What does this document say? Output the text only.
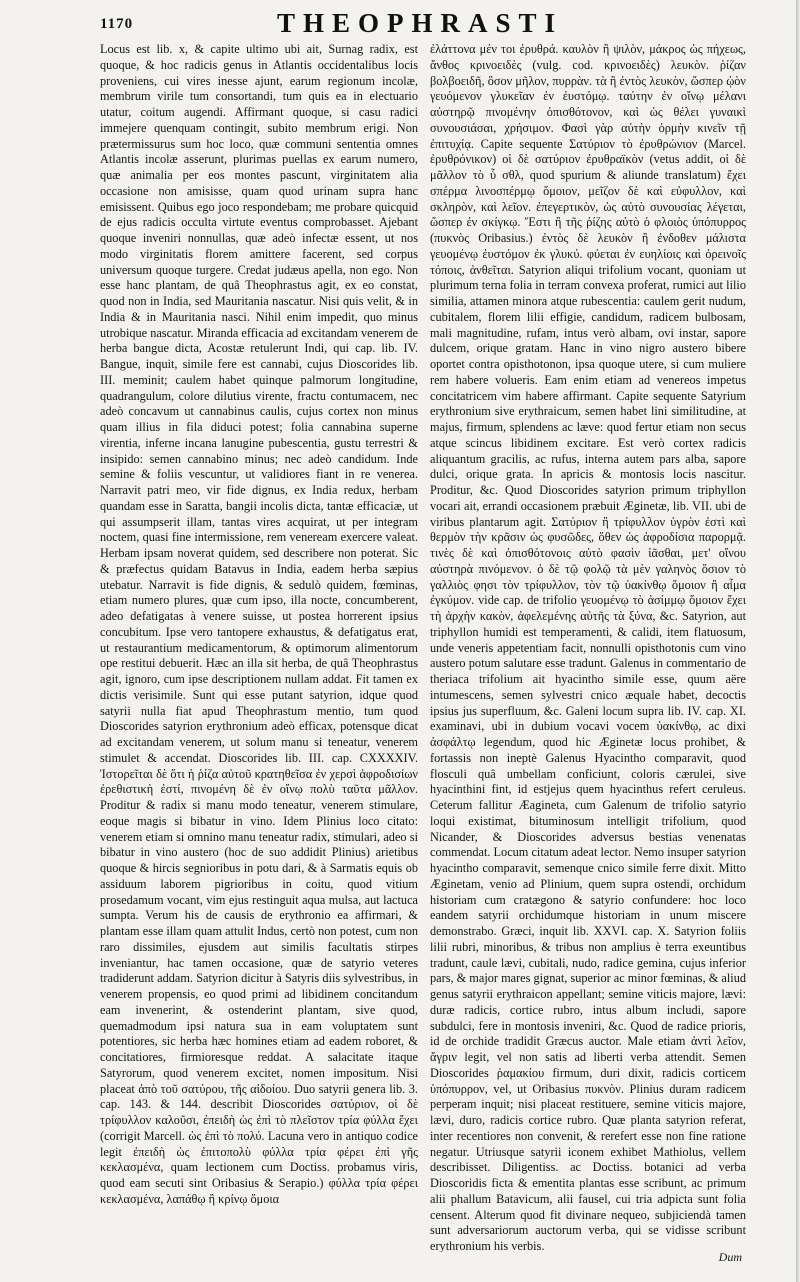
1170	THEOPHRASTI

Locus est lib. x, & capite ultimo ubi ait, Surnag radix, est quoque, & hoc radicis genus in Atlantis occidentalibus locis proveniens, cui vires inesse ajunt, earum regionum incolæ, membrum virile tum consortandi, tum quis ea in electuario utatur, coitum augendi. Affirmant quoque, si casu radici immejere quenquam contingit, subito membrum erigi. Non prætermissurus sum hoc loco, quæ communi sententia omnes Atlantis incolæ asserunt, plurimas puellas ex earum numero, quæ animalia per eos montes pascunt, virginitatem alia occasione non amisisse, quam quod urinam supra hanc emisissent. Quibus ego joco respondebam; me probare quicquid de ejus radicis occulta virtute eventus comprobasset. Ajebant quoque inveniri nonnullas, quæ adeò infectæ essent, ut nos modo virginitatis florem amittere facerent, sed corpus universum quoque turgere. Credat judæus apella, non ego. Non esse hanc plantam, de quâ Theophrastus agit, ex eo constat, quod non in India, sed Mauritania nascatur. Nisi quis velit, & in India & in Mauritania nasci. Nihil enim impedit, quo minus utrobique nascatur. Miranda efficacia ad excitandam venerem de herba bangue dicta, Acostæ retulerunt Indi, qui cap. lib. IV. Bangue, inquit, simile fere est cannabi, cujus Dioscorides lib. III. meminit; caulem habet quinque palmorum longitudine, quadrangulum, colore dilutius virente, fractu contumacem, nec adeò concavum ut cannabinus caulis, cujus cortex non minus quam illius in fila diduci potest; folia cannabina superne virentia, inferne incana lanugine pubescentia, gustu terrestri & insipido: semen cannabino minus; nec adeò candidum. Inde semine & foliis vescuntur, ut validiores fiant in re venerea. Narravit patri meo, vir fide dignus, ex India redux, herbam quandam esse in Saratta, bangii incolis dicta, tantæ efficaciæ, ut qui assumpserit illam, tantas vires acquirat, ut per integram noctem, quasi fine intermissione, rem veneream exercere valeat. Herbam ipsam noverat quidem, sed describere non poterat. Sic & præfectus quidam Batavus in India, eadem herba sæpius utebatur. Narravit is fide dignis, & sedulò quidem, fœminas, etiam numero plures, quæ cum ipso, illa nocte, concumberent, adeo defatigatas à venere suisse, ut postea horrerent ipsius concubitum. Ipse vero tantopere exhaustus, & defatigatus erat, ut restaurantium medicamentorum, & optimorum alimentorum ope restitui debuerit. Hæc an illa sit herba, de quâ Theophrastus agit, ignoro, cum ipse descriptionem nullam addat. Fit tamen ex dictis verisimile. Sunt qui esse putant satyrion, idque quod satyrii nulla fiat apud Theophrastum mentio, tum quod Dioscorides satyrion erythronium adeò efficax, potensque dicat ad excitandam venerem, ut solum manu si teneatur, venerem stimulet & accendat. Dioscorides lib. III. cap. CXXXXIV. Ἱστορεῖται δὲ ὅτι ἡ ῥίζα αὐτοῦ κρατηθεῖσα ἐν χερσὶ ἀφροδισίων ἐρεθιστικὴ ἐστί, πινομένη δὲ ἐν οἴνῳ πολὺ ταῦτα μᾶλλον. Proditur & radix si manu modo teneatur, venerem stimulare, eoque magis si bibatur in vino. Idem Plinius loco citato: venerem etiam si omnino manu teneatur radix, stimulari, adeo si bibatur in vino austero (hoc de suo addidit Plinius) arietibus quoque & hircis segnioribus in potu dari, & à Sarmatis equis ob assiduum laborem pigrioribus in coitu, quod vitium prosedamum vocant, vim ejus restinguit aqua mulsa, aut lactuca sumpta. Verum his de causis de erythronio ea affirmari, & plantam esse illam quam attulit Indus, certò non potest, cum non raro dissimiles, ejusdem aut similis facultatis stirpes inveniantur, hac tamen occasione, quæ de satyrio veteres tradiderunt addam. Satyrion dicitur à Satyris diis sylvestribus, in venerem propensis, eo quod primi ad libidinem concitandum eam invenerint, & ostenderint plantam, sive quod, quemadmodum ipsi natura sua in eam voluptatem sunt potentiores, sic herba hæc homines etiam ad eadem roboret, & concitatiores, firmioresque reddat. A salacitate itaque Satyrorum, quod venerem excitet, nomen impositum. Nisi placeat ἀπὸ τοῦ σατύρου, τῆς αἰδοίου. Duo satyrii genera lib. 3. cap. 143. & 144. describit Dioscorides σατύριον, οἱ δὲ τρίφυλλον καλοῦσι, ἐπειδὴ ὡς ἐπὶ τὸ πλεῖστον τρία φύλλα ἔχει (corrigit Marcell. ὡς ἐπὶ τὸ πολύ. Lacuna vero in antiquo codice legit ἐπειδὴ ὡς ἐπιτοπολὺ φύλλα τρία φέρει ἐπὶ γῆς κεκλασμένα, quam lectionem cum Doctiss. probamus viris, quod eam secuti sint Oribasius & Serapio.) φύλλα τρία φέρει κεκλασμένα, λαπάθῳ ἢ κρίνῳ ὅμοια

ἐλάττονα μέν τοι ἐρυθρά. καυλὸν ἢ ψιλὸν, μάκρος ὡς πήχεως, ἄνθος κρινοειδὲς (vulg. cod. κρινοειδὲς) λευκὸν. ῥίζαν βολβοειδῆ, ὅσον μῆλον, πυρρὰν. τὰ ἢ ἐντὸς λευκὸν, ὥσπερ ᾠὸν γευόμενον γλυκεῖαν ἐν ἐυστόμῳ. ταύτην ἐν οἴνῳ μέλανι αὐστηρῷ πινομένην ὁπισθότονον, καὶ ὡς θέλει γυναικὶ συνουσιάσαι, χρήσιμον. Φασὶ γὰρ αὐτὴν ὁρμὴν κινεῖν τῇ ἐπιτυχίᾳ. Capite sequente Σατύριον τὸ ἐρυθρώνιον (Marcel. ἐρυθρόνικον) οἱ δὲ σατύριον ἐρυθραϊκὸν (vetus addit, οἱ δὲ μᾶλλον τὸ ὗ σθλ, quod spurium & aliunde translatum) ἔχει σπέρμα λινοσπέρμῳ ὅμοιον, μεῖζον δὲ καὶ εὐφυλλον, καὶ σκληρὸν, καὶ λεῖον. ἐπεγερτικὸν, ὡς αὐτὸ συνουσίας λέγεται, ὥσπερ ἐν σκίγκῳ. Ἔστι ἢ τῆς ῥίζης αὐτὸ ὁ φλοιὸς ὑπόπυρρος (πυκνὸς Oribasius.) ἐντὸς δὲ λευκὸν ἢ ἐνδοθεν μάλιστα γευομένῳ ἐυστόμον ἐκ γλυκύ. φύεται ἐν ευηλίοις καὶ ὀρεινοῖς τόποις, ἀνθεῖται. Satyrion aliqui trifolium vocant, quoniam ut plurimum terna folia in terram convexa proferat, rumici aut lilio similia, attamen minora atque rubescentia: caulem gerit nudum, cubitalem, florem lilii effigie, candidum, radicem bulbosam, mali magnitudine, rufam, intus verò albam, ovi instar, sapore dulcem, orique gratam. Hanc in vino nigro austero bibere oportet contra opisthotonon, ipsa quoque utere, si cum muliere rem habere volueris. Eam enim etiam ad venereos impetus concitatricem vim habere affirmant. Capite sequente Satyrium erythronium sive erythraicum, semen habet lini similitudine, at majus, firmum, splendens ac læve: quod fertur etiam non secus atque scincus libidinem excitare. Est verò cortex radicis aliquantum gracilis, ac rufus, interna autem pars alba, sapore dulci, orique grata. In apricis & montosis locis nascitur. Proditur, &c. Quod Dioscorides satyrion primum triphyllon vocari ait, errandi occasionem præbuit Æginetæ, lib. VII. ubi de viribus plantarum agit. Σατύριον ἢ τρίφυλλον ὑγρὸν ἐστὶ καὶ θερμὸν τὴν κρᾶσιν ὡς φυσῶδες, ὅθεν ὡς ἀφροδίσια παρορμᾷ. τινὲς δὲ καὶ ὀπισθότονοις αὐτὸ φασὶν ἰᾶσθαι, μετ' οἴνου αὐστηρὰ πινόμενον. ὁ δὲ τῷ φολῷ τὰ μὲν γαληνὸς ὅσιον τὸ γαλλιὸς φησι τὸν τρίφυλλον, τὸν τῷ ὑακίνθῳ ὅμοιον ἢ αἷμα ἐγκύμον. vide cap. de trifolio γευομένῳ τὸ ἀσίμμῳ ὅμοιον ἔχει τὴ ἀρχὴν κακὸν, ἀφελεμένης αὐτῆς τὰ ξύνα, &c. Satyrion, aut triphyllon humidi est temperamenti, & calidi, item flatuosum, unde veneris appetentiam facit, nonnulli opisthotonis cum vino austero potum salutare esse tradunt. Galenus in commentario de theriaca trifolium ait hyacintho simile esse, quum aëre intumescens, semen sylvestri cnico æquale habet, decoctis ipsius jus superfluum, &c. Galeni locum supra lib. IV. cap. XI. examinavi, ubi in dubium vocavi vocem ὑακίνθῳ, ac dixi ἀσφάλτῳ legendum, quod hic Æginetæ locus prohibet, & fortassis non ineptè Galenus Hyacintho comparavit, quod flosculi quâ umbellam conficiunt, coloris cærulei, sive hyacinthini fint, id estjejus quem hyacinthus refert ceruleus. Ceterum fallitur Æagineta, cum Galenum de trifolio satyrio loqui existimat, bituminosum intelligit trifolium, quod Nicander, & Dioscorides adversus bestias venenatas commendat. Locum citatum adeat lector. Nemo insuper satyrion hyacintho comparavit, semenque cnico simile ferre dixit. Mitto Æginetam, venio ad Plinium, quem supra ostendi, orchidum historiam cum cratægono & satyrio confundere: hoc loco eandem satyrii orchidumque historiam in unum miscere demonstrabo. Græci, inquit lib. XXVI. cap. X. Satyrion foliis lilii rubri, minoribus, & tribus non amplius è terra exeuntibus tradunt, caule lævi, cubitali, nudo, radice gemina, cujus inferior pars, & major mares gignat, superior ac minor fœminas, & aliud genus satyrii erythraicon appellant; semine viticis majore, lævi: duræ radicis, cortice rubro, intus album includi, sapore subdulci, fere in montosis inveniri, &c. Quod de radice prioris, id de orchide tradidit Græcus auctor. Male etiam ἀντὶ λεῖον, ἄγριν legit, vel non satis ad liberti verba attendit. Semen Dioscorides ῥαμακίου firmum, duri dixit, radicis corticem ὑπόπυρρον, vel, ut Oribasius πυκνὸν. Plinius duram radicem perperam inquit; nisi placeat restituere, semine viticis majore, lævi, duro, radicis cortice rubro. Quæ planta satyrion referat, inter recentiores non convenit, & rerefert esse non fine ratione negatur. Utriusque satyrii iconem exhibet Mathiolus, vellem describisset. Diligentiss. ac Doctiss. botanici ad verba Dioscoridis ficta & ementita plantas esse scribunt, ac primum alii phallum Batavicum, alii fausel, cui tria adpicta sunt folia censent. Alterum quod fit divinare nequeo, subjiciendà tamen sunt adversariorum auctorum verba, qui se vidisse scribunt erythronium his verbis.

Dum
